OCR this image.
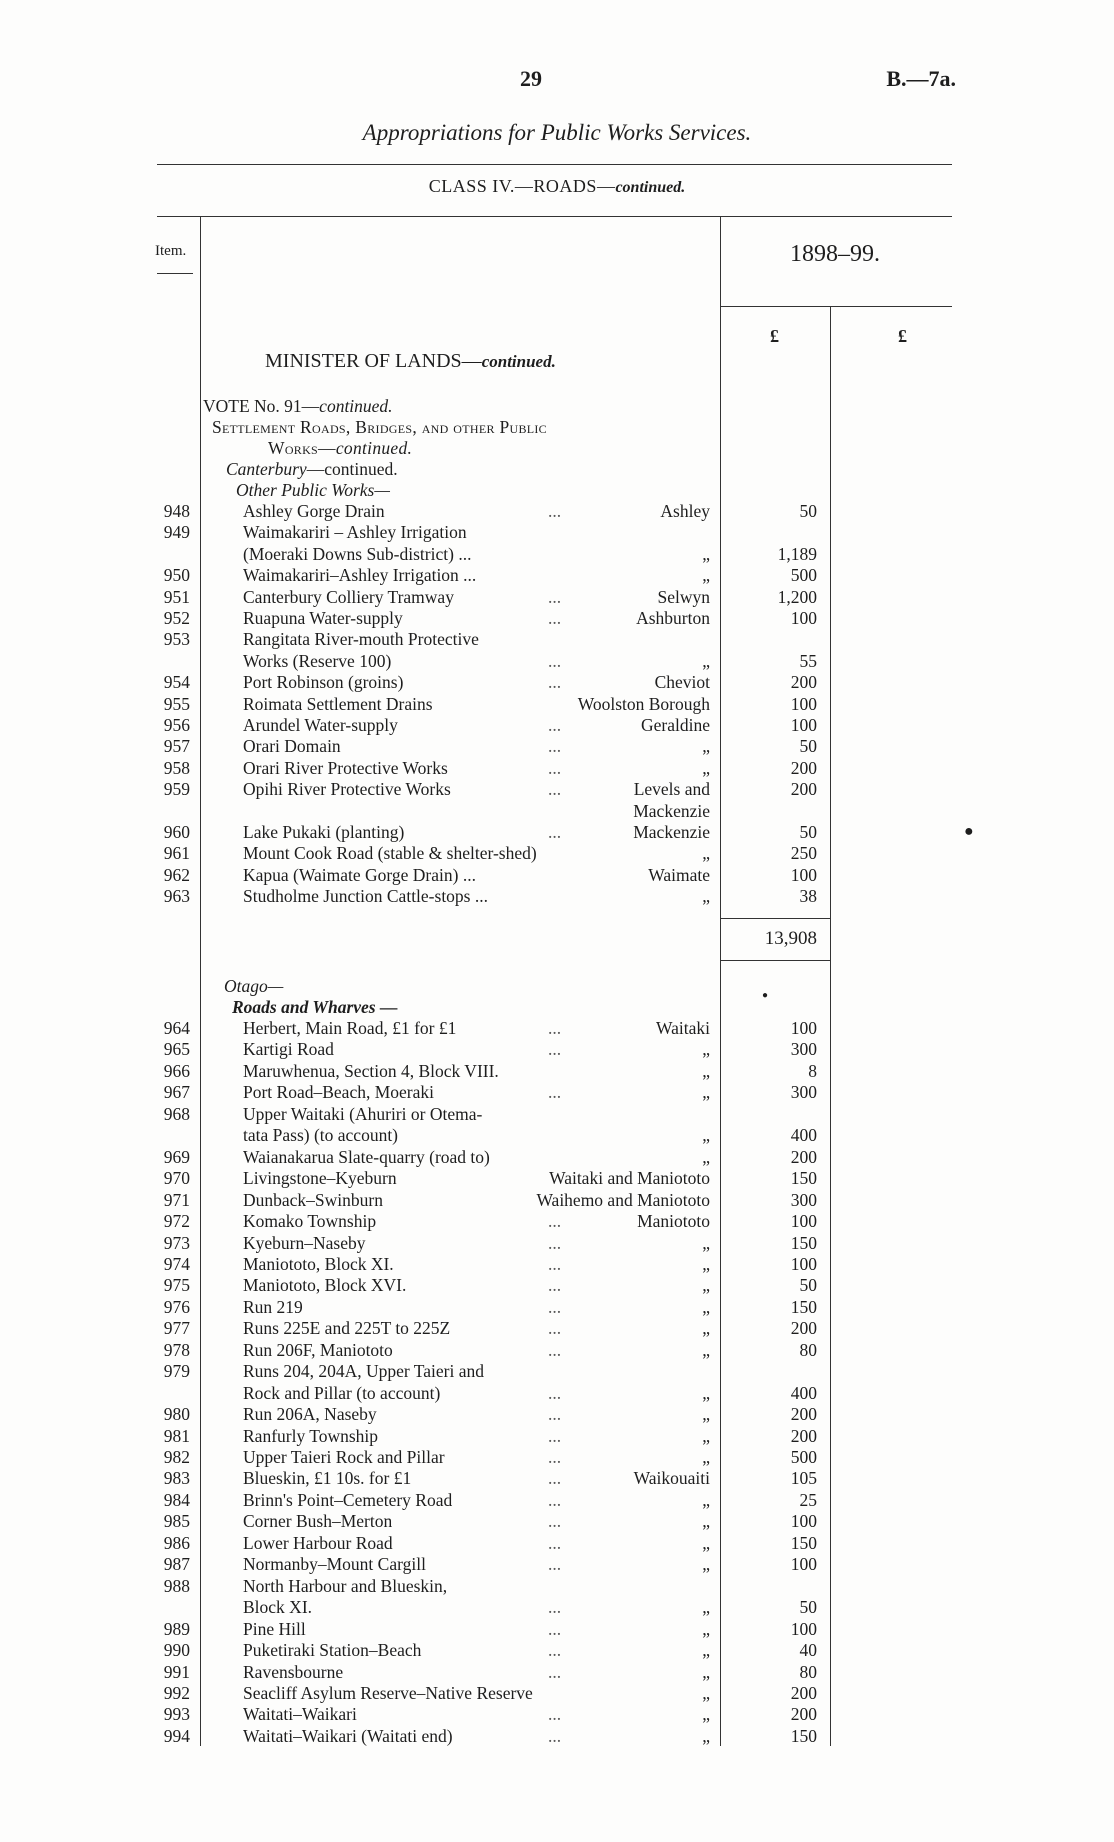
29	B.—7a.
Appropriations for Public Works Services.
CLASS IV.—ROADS—continued.
Item.	1898–99.
£	£
MINISTER OF LANDS—continued.
VOTE No. 91—continued.
Settlement Roads, Bridges, and other Public
Works—continued.
Canterbury—continued.
Other Public Works—
948	Ashley Gorge Drain	...	Ashley	50
949	Waimakariri – Ashley Irrigation
(Moeraki Downs Sub-district) ...	„	1,189
950	Waimakariri–Ashley Irrigation ...	„	500
951	Canterbury Colliery Tramway	...	Selwyn	1,200
952	Ruapuna Water-supply	...	Ashburton	100
953	Rangitata River-mouth Protective
Works (Reserve 100)	...	„	55
954	Port Robinson (groins)	...	Cheviot	200
955	Roimata Settlement Drains	Woolston Borough	100
956	Arundel Water-supply	...	Geraldine	100
957	Orari Domain	...	„	50
958	Orari River Protective Works	...	„	200
959	Opihi River Protective Works	...	Levels and	200
Mackenzie
960	Lake Pukaki (planting)	...	Mackenzie	50
961	Mount Cook Road (stable & shelter-shed)	„	250
962	Kapua (Waimate Gorge Drain) ...	Waimate	100
963	Studholme Junction Cattle-stops ...	„	38
13,908
Otago—
Roads and Wharves —
964	Herbert, Main Road, £1 for £1	...	Waitaki	100
965	Kartigi Road	...	„	300
966	Maruwhenua, Section 4, Block VIII.	„	8
967	Port Road–Beach, Moeraki	...	„	300
968	Upper Waitaki (Ahuriri or Otema-
tata Pass) (to account)	„	400
969	Waianakarua Slate-quarry (road to)	„	200
970	Livingstone–Kyeburn	Waitaki and Maniototo	150
971	Dunback–Swinburn	Waihemo and Maniototo	300
972	Komako Township	...	Maniototo	100
973	Kyeburn–Naseby	...	„	150
974	Maniototo, Block XI.	...	„	100
975	Maniototo, Block XVI.	...	„	50
976	Run 219	...	„	150
977	Runs 225E and 225T to 225Z	...	„	200
978	Run 206F, Maniototo	...	„	80
979	Runs 204, 204A, Upper Taieri and
Rock and Pillar (to account)	...	„	400
980	Run 206A, Naseby	...	„	200
981	Ranfurly Township	...	„	200
982	Upper Taieri Rock and Pillar	...	„	500
983	Blueskin, £1 10s. for £1	...	Waikouaiti	105
984	Brinn's Point–Cemetery Road	...	„	25
985	Corner Bush–Merton	...	„	100
986	Lower Harbour Road	...	„	150
987	Normanby–Mount Cargill	...	„	100
988	North Harbour and Blueskin,
Block XI.	...	„	50
989	Pine Hill	...	„	100
990	Puketiraki Station–Beach	...	„	40
991	Ravensbourne	...	„	80
992	Seacliff Asylum Reserve–Native Reserve	„	200
993	Waitati–Waikari	...	„	200
994	Waitati–Waikari (Waitati end)	...	„	150
●
●
